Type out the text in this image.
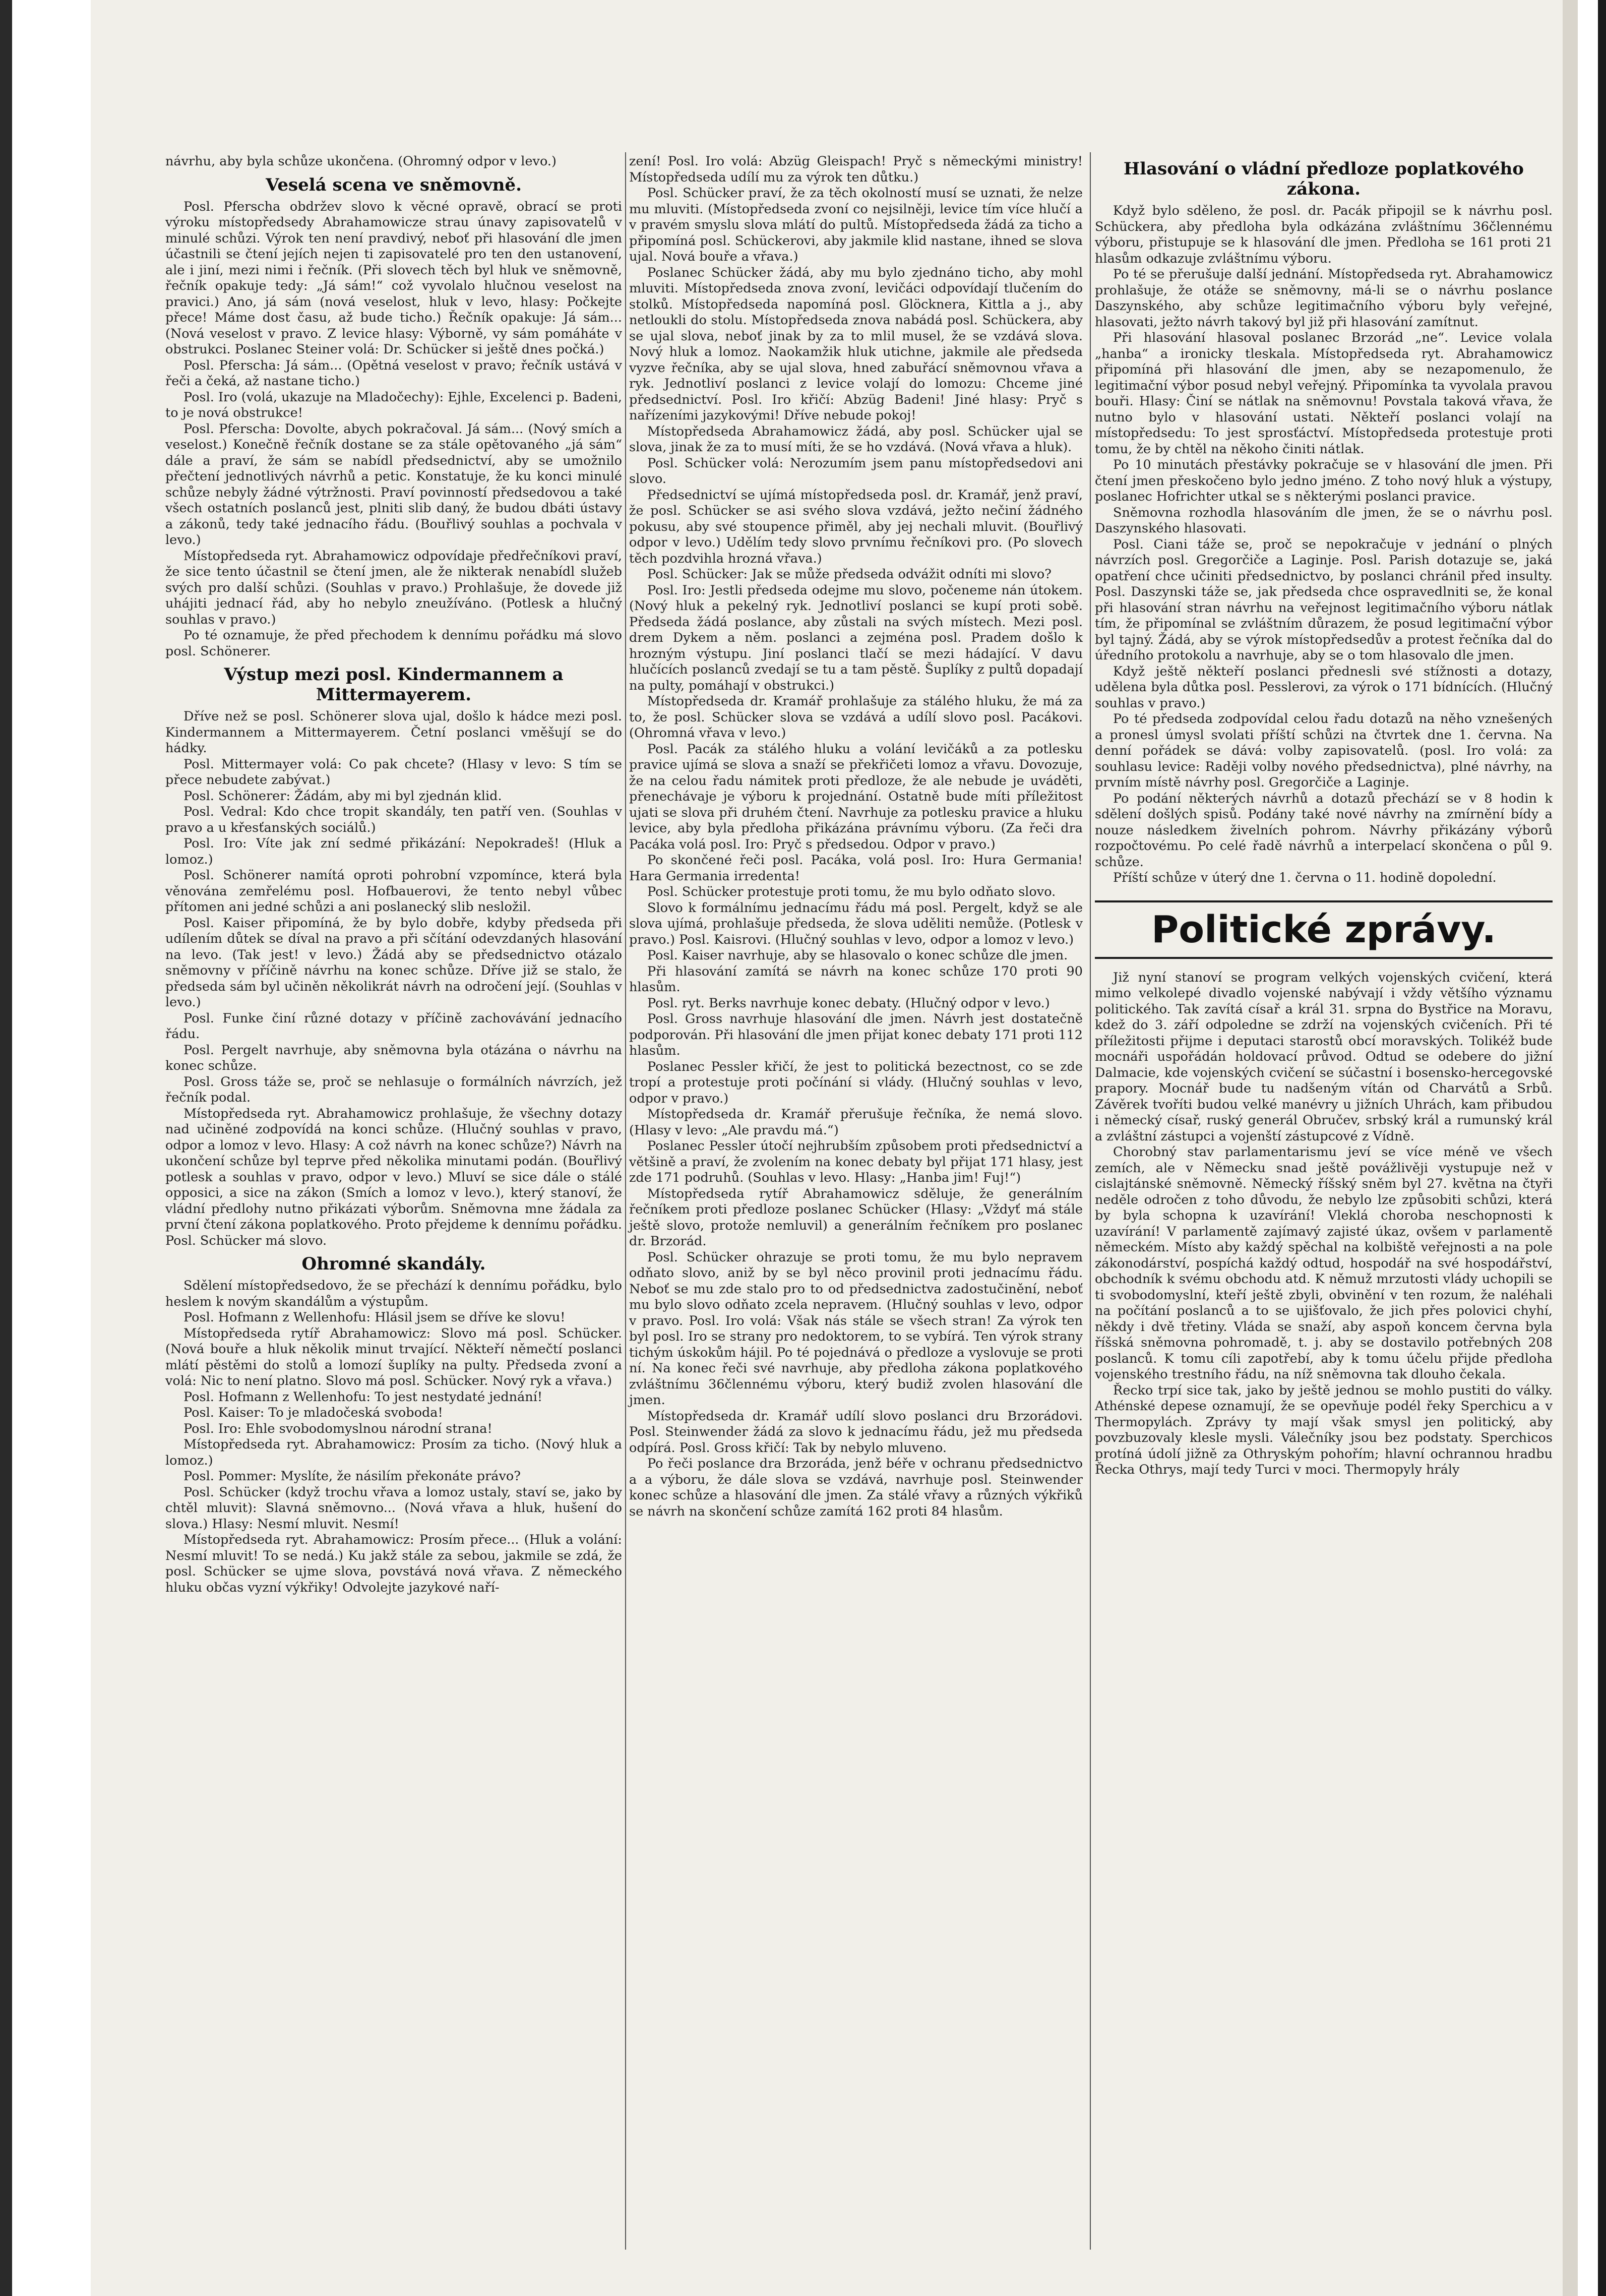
návrhu, aby byla schůze ukončena. (Ohromný odpor v levo.)

Veselá scena ve sněmovně.

Posl. Pferscha obdržev slovo k věcné opravě, obrací se proti výroku místopředsedy Abrahamowicze strau únavy zapisovatelů v minulé schůzi. Výrok ten není pravdivý, neboť při hlasování dle jmen účastnili se čtení jejích nejen ti zapisovatelé pro ten den ustanovení, ale i jiní, mezi nimi i řečník. (Při slovech těch byl hluk ve sněmovně, řečník opakuje tedy: „Já sám!“ což vyvolalo hlučnou veselost na pravici.) Ano, já sám (nová veselost, hluk v levo, hlasy: Počkejte přece! Máme dost času, až bude ticho.) Řečník opakuje: Já sám... (Nová veselost v pravo. Z levice hlasy: Výborně, vy sám pomáháte v obstrukci. Poslanec Steiner volá: Dr. Schücker si ještě dnes počká.)

Posl. Pferscha: Já sám... (Opětná veselost v pravo; řečník ustává v řeči a čeká, až nastane ticho.)

Posl. Iro (volá, ukazuje na Mladočechy): Ejhle, Excelenci p. Badeni, to je nová obstrukce!

Posl. Pferscha: Dovolte, abych pokračoval. Já sám... (Nový smích a veselost.) Konečně řečník dostane se za stále opětovaného „já sám“ dále a praví, že sám se nabídl předsednictví, aby se umožnilo přečtení jednotlivých návrhů a petic. Konstatuje, že ku konci minulé schůze nebyly žádné výtržnosti. Praví povinností předsedovou a také všech ostatních poslanců jest, plniti slib daný, že budou dbáti ústavy a zákonů, tedy také jednacího řádu. (Bouřlivý souhlas a pochvala v levo.)

Místopředseda ryt. Abrahamowicz odpovídaje předřečníkovi praví, že sice tento účastnil se čtení jmen, ale že nikterak nenabídl služeb svých pro další schůzi. (Souhlas v pravo.) Prohlašuje, že dovede již uhájiti jednací řád, aby ho nebylo zneužíváno. (Potlesk a hlučný souhlas v pravo.)

Po té oznamuje, že před přechodem k dennímu pořádku má slovo posl. Schönerer.

Výstup mezi posl. Kindermannem a Mittermayerem.

Dříve než se posl. Schönerer slova ujal, došlo k hádce mezi posl. Kindermannem a Mittermayerem. Četní poslanci vměšují se do hádky.

Posl. Mittermayer volá: Co pak chcete? (Hlasy v levo: S tím se přece nebudete zabývat.)

Posl. Schönerer: Žádám, aby mi byl zjednán klid.

Posl. Vedral: Kdo chce tropit skandály, ten patří ven. (Souhlas v pravo a u křesťanských sociálů.)

Posl. Iro: Víte jak zní sedmé přikázání: Nepokradeš! (Hluk a lomoz.)

Posl. Schönerer namítá oproti pohrobní vzpomínce, která byla věnována zemřelému posl. Hofbauerovi, že tento nebyl vůbec přítomen ani jedné schůzi a ani poslanecký slib nesložil.

Posl. Kaiser připomíná, že by bylo dobře, kdyby předseda při udílením důtek se díval na pravo a při sčítání odevzdaných hlasování na levo. (Tak jest! v levo.) Žádá aby se předsednictvo otázalo sněmovny v příčině návrhu na konec schůze. Dříve již se stalo, že předseda sám byl učiněn několikrát návrh na odročení její. (Souhlas v levo.)

Posl. Funke činí různé dotazy v příčině zachovávání jednacího řádu.

Posl. Pergelt navrhuje, aby sněmovna byla otázána o návrhu na konec schůze.

Posl. Gross táže se, proč se nehlasuje o formálních návrzích, jež řečník podal.

Místopředseda ryt. Abrahamowicz prohlašuje, že všechny dotazy nad učiněné zodpovídá na konci schůze. (Hlučný souhlas v pravo, odpor a lomoz v levo. Hlasy: A což návrh na konec schůze?) Návrh na ukončení schůze byl teprve před několika minutami podán. (Bouřlivý potlesk a souhlas v pravo, odpor v levo.) Mluví se sice dále o stálé opposici, a sice na zákon (Smích a lomoz v levo.), který stanoví, že vládní předlohy nutno přikázati výborům. Sněmovna mne žádala za první čtení zákona poplatkového. Proto přejdeme k dennímu pořádku. Posl. Schücker má slovo.

Ohromné skandály.

Sdělení místopředsedovo, že se přechází k dennímu pořádku, bylo heslem k novým skandálům a výstupům.

Posl. Hofmann z Wellenhofu: Hlásil jsem se dříve ke slovu!

Místopředseda rytíř Abrahamowicz: Slovo má posl. Schücker. (Nová bouře a hluk několik minut trvající. Někteří němečtí poslanci mlátí pěstěmi do stolů a lomozí šuplíky na pulty. Předseda zvoní a volá: Nic to není platno. Slovo má posl. Schücker. Nový ryk a vřava.)

Posl. Hofmann z Wellenhofu: To jest nestydaté jednání!

Posl. Kaiser: To je mladočeská svoboda!

Posl. Iro: Ehle svobodomyslnou národní strana!

Místopředseda ryt. Abrahamowicz: Prosím za ticho. (Nový hluk a lomoz.)

Posl. Pommer: Myslíte, že násilím překonáte právo?

Posl. Schücker (když trochu vřava a lomoz ustaly, staví se, jako by chtěl mluvit): Slavná sněmovno... (Nová vřava a hluk, hušení do slova.) Hlasy: Nesmí mluvit. Nesmí!

Místopředseda ryt. Abrahamowicz: Prosím přece... (Hluk a volání: Nesmí mluvit! To se nedá.) Ku jakž stále za sebou, jakmile se zdá, že posl. Schücker se ujme slova, povstává nová vřava. Z německého hluku občas vyzní výkřiky! Odvolejte jazykové naří-

zení! Posl. Iro volá: Abzüg Gleispach! Pryč s německými ministry! Místopředseda udílí mu za výrok ten důtku.)

Posl. Schücker praví, že za těch okolností musí se uznati, že nelze mu mluviti. (Místopředseda zvoní co nejsilněji, levice tím více hlučí a v pravém smyslu slova mlátí do pultů. Místopředseda žádá za ticho a připomíná posl. Schückerovi, aby jakmile klid nastane, ihned se slova ujal. Nová bouře a vřava.)

Poslanec Schücker žádá, aby mu bylo zjednáno ticho, aby mohl mluviti. Místopředseda znova zvoní, levičáci odpovídají tlučením do stolků. Místopředseda napomíná posl. Glöcknera, Kittla a j., aby netloukli do stolu. Místopředseda znova nabádá posl. Schückera, aby se ujal slova, neboť jinak by za to mlil musel, že se vzdává slova. Nový hluk a lomoz. Naokamžik hluk utichne, jakmile ale předseda vyzve řečníka, aby se ujal slova, hned zabuřácí sněmovnou vřava a ryk. Jednotliví poslanci z levice volají do lomozu: Chceme jiné předsednictví. Posl. Iro křičí: Abzüg Badeni! Jiné hlasy: Pryč s nařízeními jazykovými! Dříve nebude pokoj!

Místopředseda Abrahamowicz žádá, aby posl. Schücker ujal se slova, jinak že za to musí míti, že se ho vzdává. (Nová vřava a hluk).

Posl. Schücker volá: Nerozumím jsem panu místopředsedovi ani slovo.

Předsednictví se ujímá místopředseda posl. dr. Kramář, jenž praví, že posl. Schücker se asi svého slova vzdává, ježto nečiní žádného pokusu, aby své stoupence přiměl, aby jej nechali mluvit. (Bouřlivý odpor v levo.) Udělím tedy slovo prvnímu řečníkovi pro. (Po slovech těch pozdvihla hrozná vřava.)

Posl. Schücker: Jak se může předseda odvážit odníti mi slovo?

Posl. Iro: Jestli předseda odejme mu slovo, počeneme nán útokem. (Nový hluk a pekelný ryk. Jednotliví poslanci se kupí proti sobě. Předseda žádá poslance, aby zůstali na svých místech. Mezi posl. drem Dykem a něm. poslanci a zejména posl. Pradem došlo k hrozným výstupu. Jiní poslanci tlačí se mezi hádající. V davu hlučících poslanců zvedají se tu a tam pěstě. Šuplíky z pultů dopadají na pulty, pomáhají v obstrukci.)

Místopředseda dr. Kramář prohlašuje za stálého hluku, že má za to, že posl. Schücker slova se vzdává a udílí slovo posl. Pacákovi. (Ohromná vřava v levo.)

Posl. Pacák za stálého hluku a volání levičáků a za potlesku pravice ujímá se slova a snaží se překřičeti lomoz a vřavu. Dovozuje, že na celou řadu námitek proti předloze, že ale nebude je uváděti, přenechávaje je výboru k projednání. Ostatně bude míti příležitost ujati se slova při druhém čtení. Navrhuje za potlesku pravice a hluku levice, aby byla předloha přikázána právnímu výboru. (Za řeči dra Pacáka volá posl. Iro: Pryč s předsedou. Odpor v pravo.)

Po skončené řeči posl. Pacáka, volá posl. Iro: Hura Germania! Hara Germania irredenta!

Posl. Schücker protestuje proti tomu, že mu bylo odňato slovo.

Slovo k formálnímu jednacímu řádu má posl. Pergelt, když se ale slova ujímá, prohlašuje předseda, že slova uděliti nemůže. (Potlesk v pravo.) Posl. Kaisrovi. (Hlučný souhlas v levo, odpor a lomoz v levo.)

Posl. Kaiser navrhuje, aby se hlasovalo o konec schůze dle jmen.

Při hlasování zamítá se návrh na konec schůze 170 proti 90 hlasům.

Posl. ryt. Berks navrhuje konec debaty. (Hlučný odpor v levo.)

Posl. Gross navrhuje hlasování dle jmen. Návrh jest dostatečně podporován. Při hlasování dle jmen přijat konec debaty 171 proti 112 hlasům.

Poslanec Pessler křičí, že jest to politická bezectnost, co se zde tropí a protestuje proti počínání si vlády. (Hlučný souhlas v levo, odpor v pravo.)

Místopředseda dr. Kramář přerušuje řečníka, že nemá slovo. (Hlasy v levo: „Ale pravdu má.“)

Poslanec Pessler útočí nejhrubším způsobem proti předsednictví a většině a praví, že zvolením na konec debaty byl přijat 171 hlasy, jest zde 171 podruhů. (Souhlas v levo. Hlasy: „Hanba jim! Fuj!“)

Místopředseda rytíř Abrahamowicz sděluje, že generálním řečníkem proti předloze poslanec Schücker (Hlasy: „Vždyť má stále ještě slovo, protože nemluvil) a generálním řečníkem pro poslanec dr. Brzorád.

Posl. Schücker ohrazuje se proti tomu, že mu bylo nepravem odňato slovo, aniž by se byl něco provinil proti jednacímu řádu. Neboť se mu zde stalo pro to od předsednictva zadostučinění, neboť mu bylo slovo odňato zcela nepravem. (Hlučný souhlas v levo, odpor v pravo. Posl. Iro volá: Však nás stále se všech stran! Za výrok ten byl posl. Iro se strany pro nedoktorem, to se vybírá. Ten výrok strany tichým úskokům hájil. Po té pojednává o předloze a vyslovuje se proti ní. Na konec řeči své navrhuje, aby předloha zákona poplatkového zvláštnímu 36člennému výboru, který budiž zvolen hlasování dle jmen.

Místopředseda dr. Kramář udílí slovo poslanci dru Brzorádovi. Posl. Steinwender žádá za slovo k jednacímu řádu, jež mu předseda odpírá. Posl. Gross křičí: Tak by nebylo mluveno.

Po řeči poslance dra Brzoráda, jenž béře v ochranu předsednictvo a a výboru, že dále slova se vzdává, navrhuje posl. Steinwender konec schůze a hlasování dle jmen. Za stálé vřavy a různých výkřiků se návrh na skončení schůze zamítá 162 proti 84 hlasům.

Hlasování o vládní předloze poplatkového zákona.

Když bylo sděleno, že posl. dr. Pacák připojil se k návrhu posl. Schückera, aby předloha byla odkázána zvláštnímu 36člennému výboru, přistupuje se k hlasování dle jmen. Předloha se 161 proti 21 hlasům odkazuje zvláštnímu výboru.

Po té se přerušuje další jednání. Místopředseda ryt. Abrahamowicz prohlašuje, že otáže se sněmovny, má-li se o návrhu poslance Daszynského, aby schůze legitimačního výboru byly veřejné, hlasovati, ježto návrh takový byl již při hlasování zamítnut.

Při hlasování hlasoval poslanec Brzorád „ne“. Levice volala „hanba“ a ironicky tleskala. Místopředseda ryt. Abrahamowicz připomíná při hlasování dle jmen, aby se nezapomenulo, že legitimační výbor posud nebyl veřejný. Připomínka ta vyvolala pravou bouři. Hlasy: Činí se nátlak na sněmovnu! Povstala taková vřava, že nutno bylo v hlasování ustati. Někteří poslanci volají na místopředsedu: To jest sprosťáctví. Místopředseda protestuje proti tomu, že by chtěl na někoho činiti nátlak.

Po 10 minutách přestávky pokračuje se v hlasování dle jmen. Při čtení jmen přeskočeno bylo jedno jméno. Z toho nový hluk a výstupy, poslanec Hofrichter utkal se s některými poslanci pravice.

Sněmovna rozhodla hlasováním dle jmen, že se o návrhu posl. Daszynského hlasovati.

Posl. Ciani táže se, proč se nepokračuje v jednání o plných návrzích posl. Gregorčiče a Laginje. Posl. Parish dotazuje se, jaká opatření chce učiniti předsednictvo, by poslanci chránil před insulty. Posl. Daszynski táže se, jak předseda chce ospravedlniti se, že konal při hlasování stran návrhu na veřejnost legitimačního výboru nátlak tím, že připomínal se zvláštním důrazem, že posud legitimační výbor byl tajný. Žádá, aby se výrok místopředsedův a protest řečníka dal do úředního protokolu a navrhuje, aby se o tom hlasovalo dle jmen.

Když ještě někteří poslanci přednesli své stížnosti a dotazy, udělena byla důtka posl. Pesslerovi, za výrok o 171 bídnících. (Hlučný souhlas v pravo.)

Po té předseda zodpovídal celou řadu dotazů na něho vznešených a pronesl úmysl svolati příští schůzi na čtvrtek dne 1. června. Na denní pořádek se dává: volby zapisovatelů. (posl. Iro volá: za souhlasu levice: Raději volby nového předsednictva), plné návrhy, na prvním místě návrhy posl. Gregorčiče a Laginje.

Po podání některých návrhů a dotazů přechází se v 8 hodin k sdělení došlých spisů. Podány také nové návrhy na zmírnění bídy a nouze následkem živelních pohrom. Návrhy přikázány výborů rozpočtovému. Po celé řadě návrhů a interpelací skončena o půl 9. schůze.

Příští schůze v úterý dne 1. června o 11. hodině dopolední.

Politické zprávy.

Již nyní stanoví se program velkých vojenských cvičení, která mimo velkolepé divadlo vojenské nabývají i vždy většího významu politického. Tak zavítá císař a král 31. srpna do Bystřice na Moravu, kdež do 3. září odpoledne se zdrží na vojenských cvičeních. Při té příležitosti přijme i deputaci starostů obcí moravských. Tolikéž bude mocnáři uspořádán holdovací průvod. Odtud se odebere do jižní Dalmacie, kde vojenských cvičení se súčastní i bosensko-hercegovské prapory. Mocnář bude tu nadšeným vítán od Charvátů a Srbů. Závěrek tvoříti budou velké manévry u jižních Uhrách, kam přibudou i německý císař, ruský generál Obručev, srbský král a rumunský král a zvláštní zástupci a vojenští zástupcové z Vídně.

Chorobný stav parlamentarismu jeví se více méně ve všech zemích, ale v Německu snad ještě povážlivěji vystupuje než v cislajtánské sněmovně. Německý říšský sněm byl 27. května na čtyři neděle odročen z toho důvodu, že nebylo lze způsobiti schůzi, která by byla schopna k uzavírání! Vleklá choroba neschopnosti k uzavírání! V parlamentě zajímavý zajisté úkaz, ovšem v parlamentě německém. Místo aby každý spěchal na kolbiště veřejnosti a na pole zákonodárství, pospíchá každý odtud, hospodář na své hospodářství, obchodník k svému obchodu atd. K němuž mrzutosti vlády uchopili se ti svobodomyslní, kteří ještě zbyli, obvinění v ten rozum, že naléhali na počítání poslanců a to se ujišťovalo, že jich přes polovici chyhí, někdy i dvě třetiny. Vláda se snaží, aby aspoň koncem června byla říšská sněmovna pohromadě, t. j. aby se dostavilo potřebných 208 poslanců. K tomu cíli zapotřebí, aby k tomu účelu přijde předloha vojenského trestního řádu, na níž sněmovna tak dlouho čekala.

Řecko trpí sice tak, jako by ještě jednou se mohlo pustiti do války. Athénské depese oznamují, že se opevňuje podél řeky Sperchicu a v Thermopylách. Zprávy ty mají však smysl jen politický, aby povzbuzovaly klesle mysli. Válečníky jsou bez podstaty. Sperchicos protíná údolí jižně za Othryským pohořím; hlavní ochrannou hradbu Řecka Othrys, mají tedy Turci v moci. Thermopyly hrály
